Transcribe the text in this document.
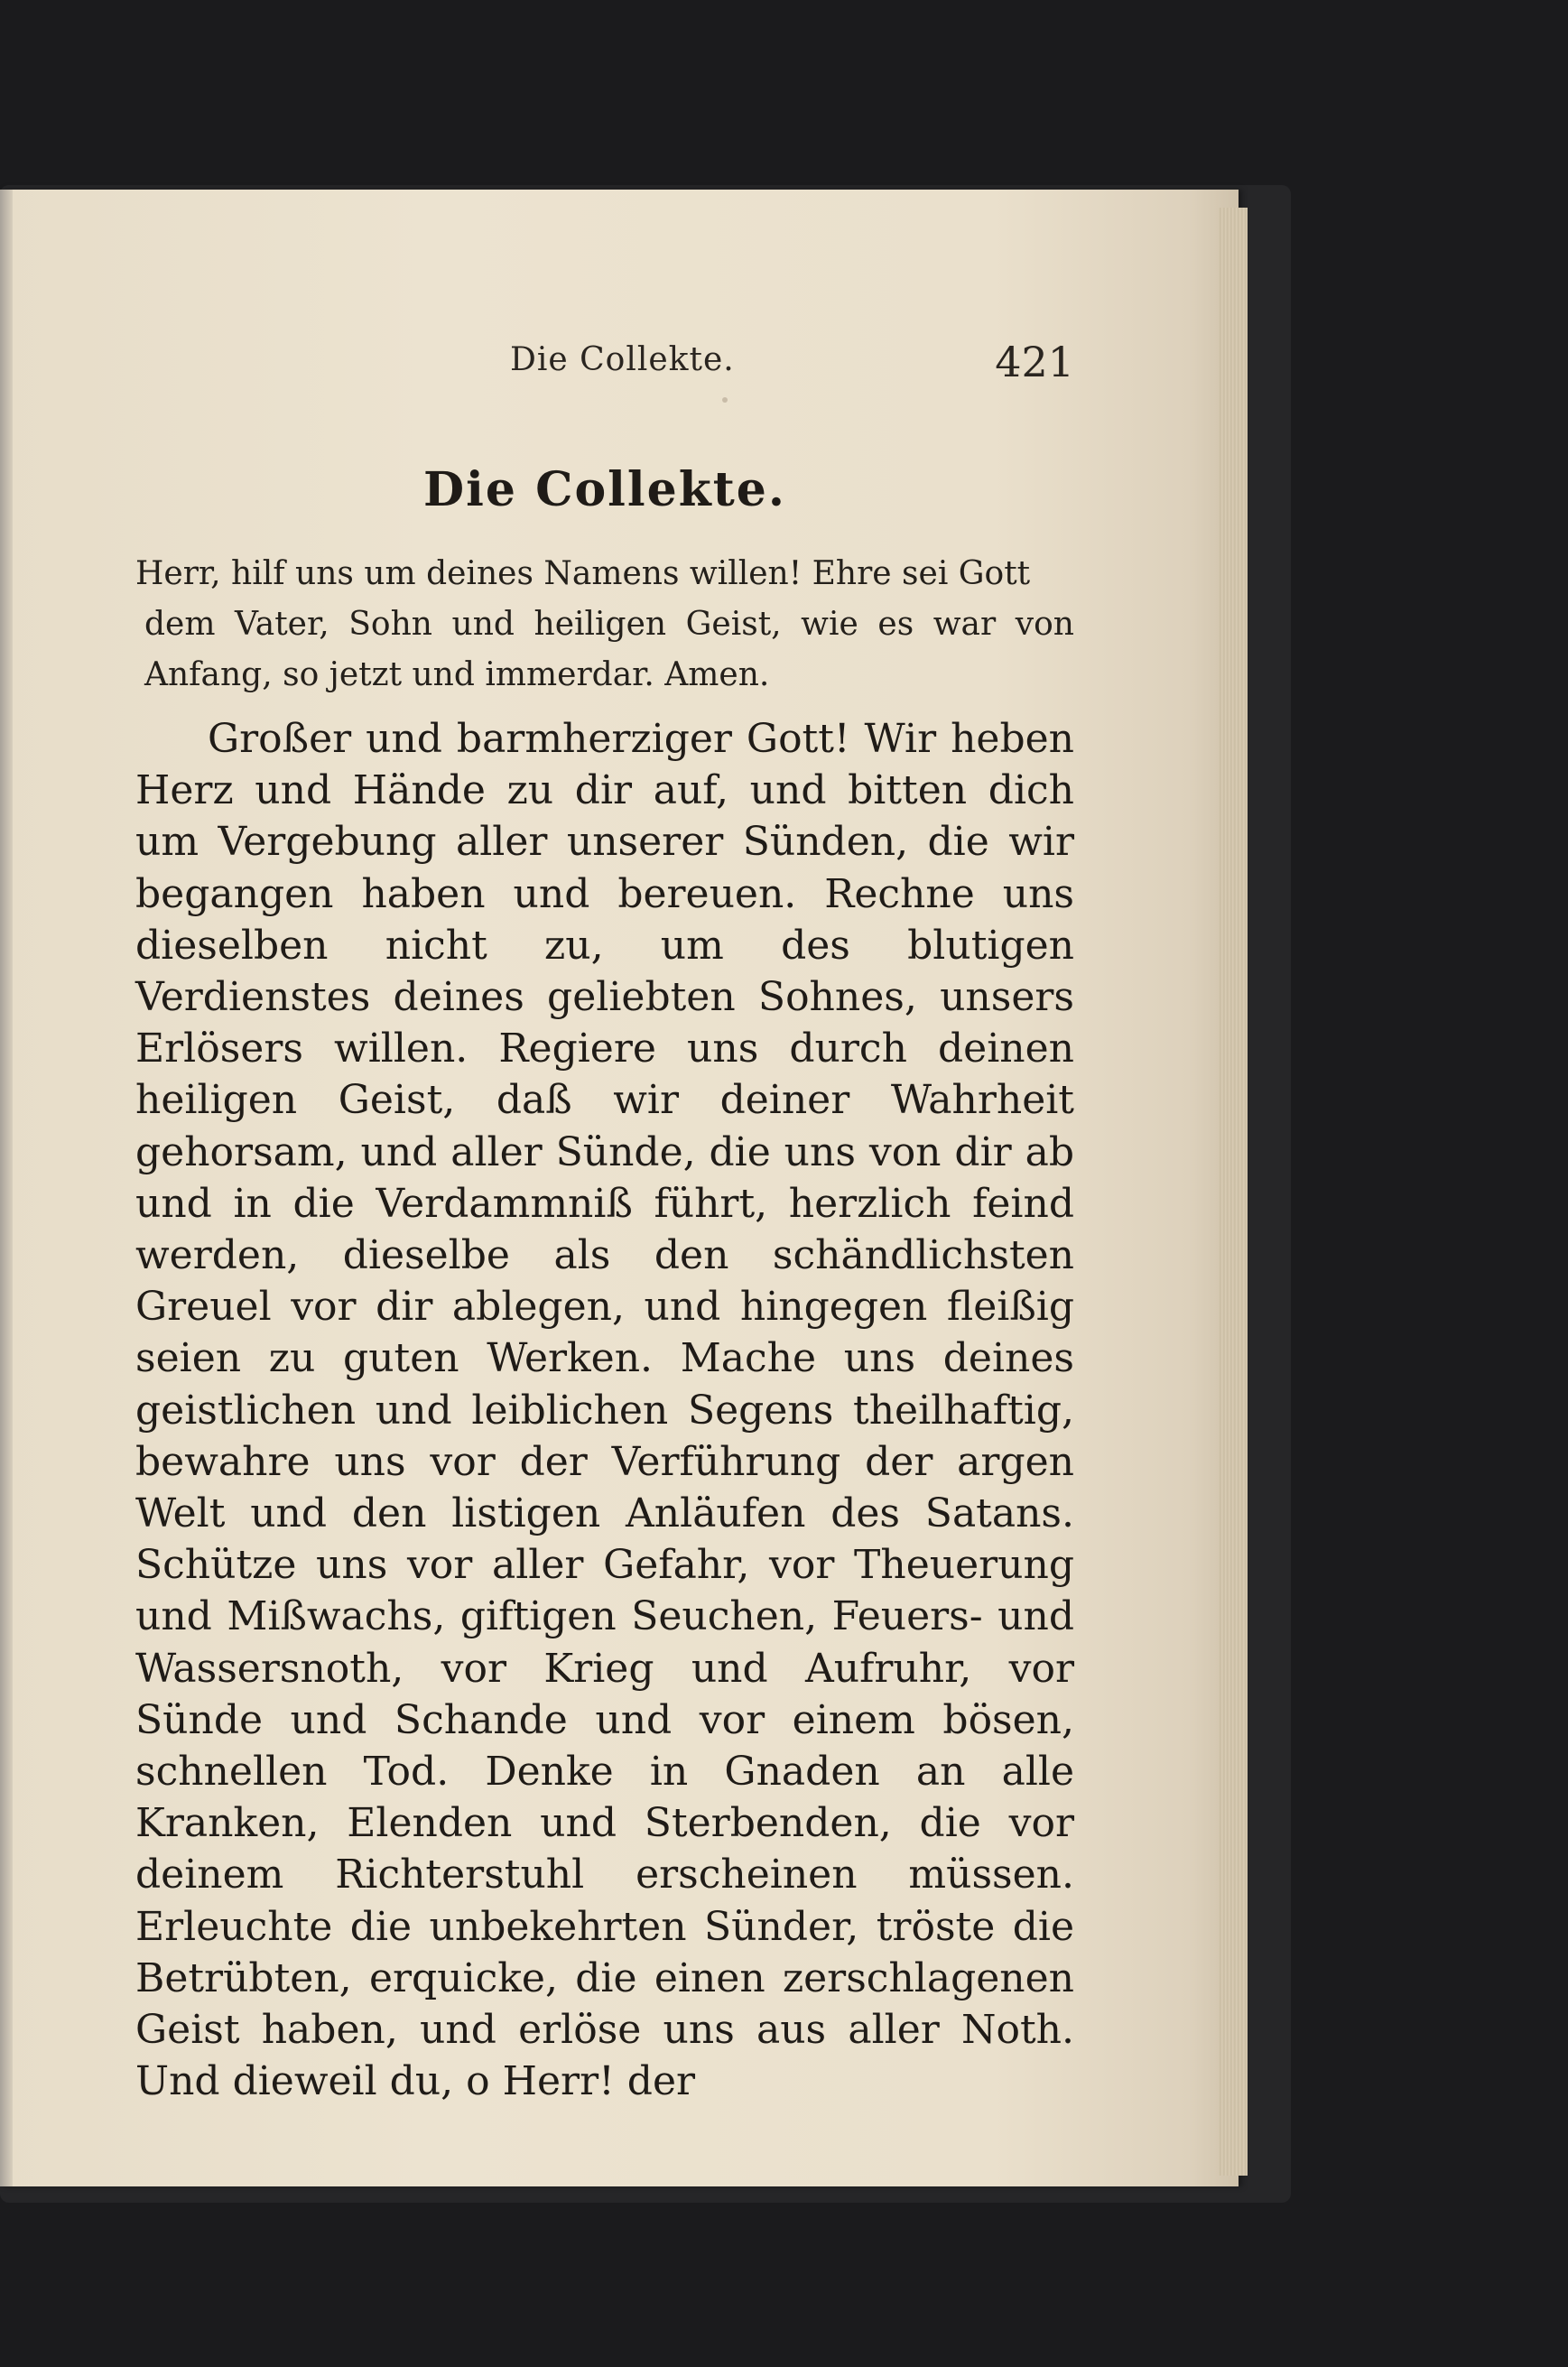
Die Collekte.	421
Die Collekte.
Herr, hilf uns um deines Namens willen! Ehre sei Gott
dem Vater, Sohn und heiligen Geist, wie es war von Anfang, so jetzt und immerdar. Amen.

Großer und barmherziger Gott! Wir heben Herz und Hände zu dir auf, und bitten dich um Vergebung aller unserer Sünden, die wir begangen haben und bereuen. Rechne uns dieselben nicht zu, um des blutigen Verdienstes deines geliebten Sohnes, unsers Erlösers willen. Regiere uns durch deinen heiligen Geist, daß wir deiner Wahrheit gehorsam, und aller Sünde, die uns von dir ab und in die Verdammniß führt, herzlich feind werden, dieselbe als den schändlichsten Greuel vor dir ablegen, und hingegen fleißig seien zu guten Werken. Mache uns deines geistlichen und leiblichen Segens theilhaftig, bewahre uns vor der Verführung der argen Welt und den listigen Anläufen des Satans. Schütze uns vor aller Gefahr, vor Theuerung und Mißwachs, giftigen Seuchen, Feuers- und Wassersnoth, vor Krieg und Aufruhr, vor Sünde und Schande und vor einem bösen, schnellen Tod. Denke in Gnaden an alle Kranken, Elenden und Sterbenden, die vor deinem Richterstuhl erscheinen müssen. Erleuchte die unbekehrten Sünder, tröste die Betrübten, erquicke, die einen zerschlagenen Geist haben, und erlöse uns aus aller Noth. Und dieweil du, o Herr! der
